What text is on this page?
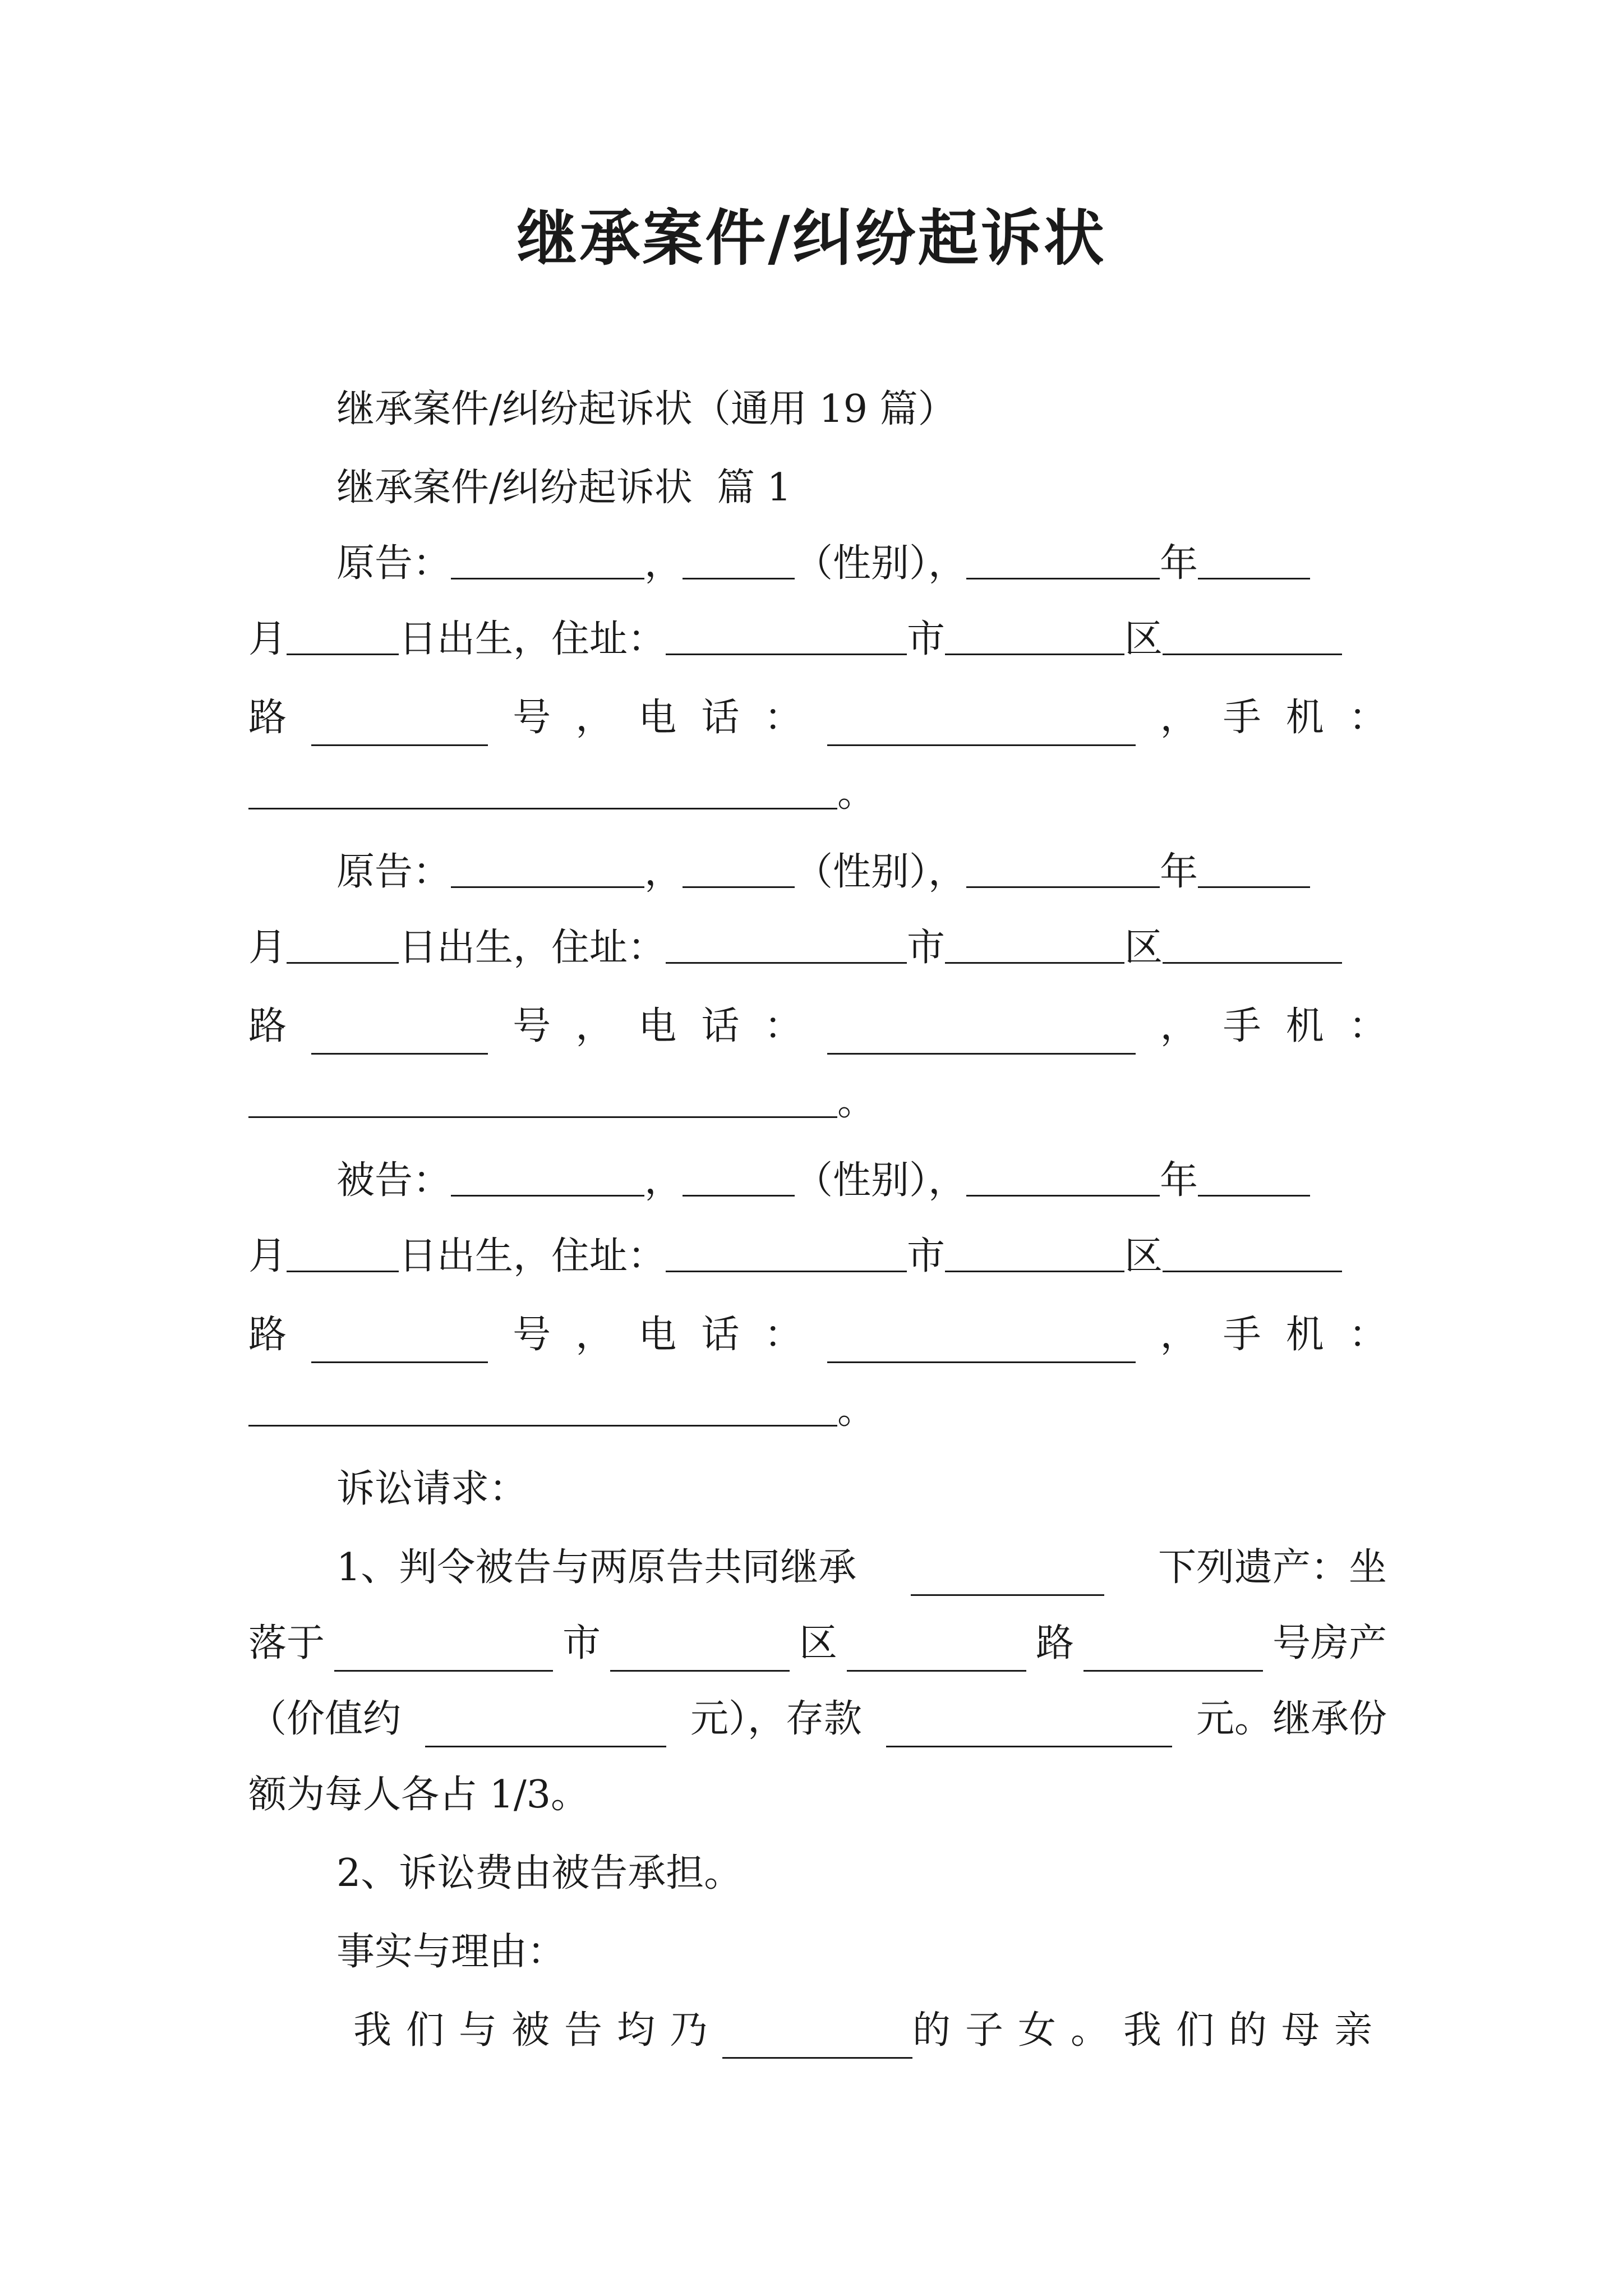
继承案件/纠纷起诉状
继承案件/纠纷起诉状（通用 19 篇）
继承案件/纠纷起诉状  篇 1
原告：	，	（性别），	年
月	日出生，住址：	市	区
路	号 ， 电 话 ：	， 手 机 ：
。
原告：	，	（性别），	年
月	日出生，住址：	市	区
路	号 ， 电 话 ：	， 手 机 ：
。
被告：	，	（性别），	年
月	日出生，住址：	市	区
路	号 ， 电 话 ：	， 手 机 ：
。
诉讼请求：
1、判令被告与两原告共同继承	下列遗产：坐
落于	市	区	路	号房产
（价值约	元），存款	元。继承份
额为每人各占 1/3。
2、诉讼费由被告承担。
事实与理由：
我们与被告均乃	的子女。我们的母亲
